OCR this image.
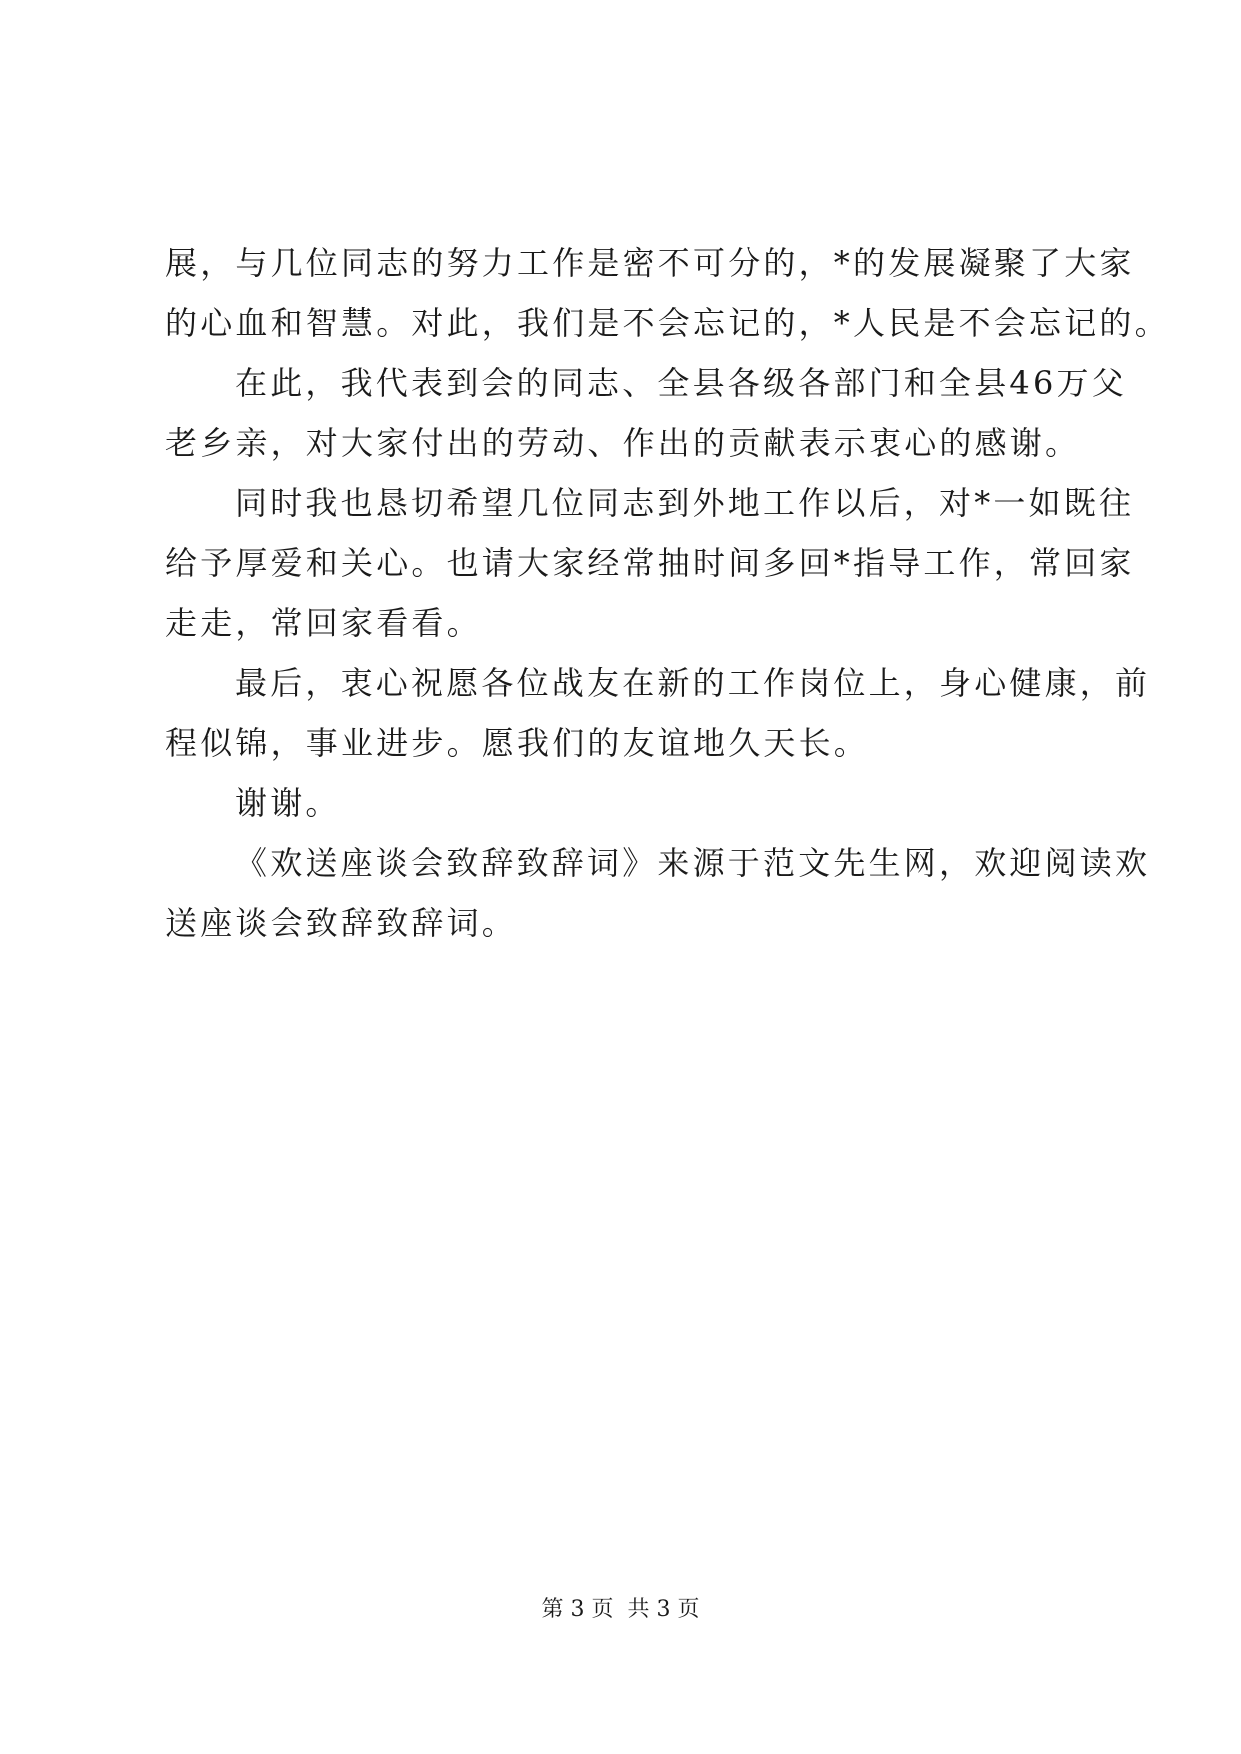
展，与几位同志的努力工作是密不可分的，*的发展凝聚了大家
的心血和智慧。对此，我们是不会忘记的，*人民是不会忘记的。
在此，我代表到会的同志、全县各级各部门和全县46万父
老乡亲，对大家付出的劳动、作出的贡献表示衷心的感谢。
同时我也恳切希望几位同志到外地工作以后，对*一如既往
给予厚爱和关心。也请大家经常抽时间多回*指导工作，常回家
走走，常回家看看。
最后，衷心祝愿各位战友在新的工作岗位上，身心健康，前
程似锦，事业进步。愿我们的友谊地久天长。
谢谢。
《欢送座谈会致辞致辞词》来源于范文先生网，欢迎阅读欢
送座谈会致辞致辞词。
第 3 页  共 3 页
